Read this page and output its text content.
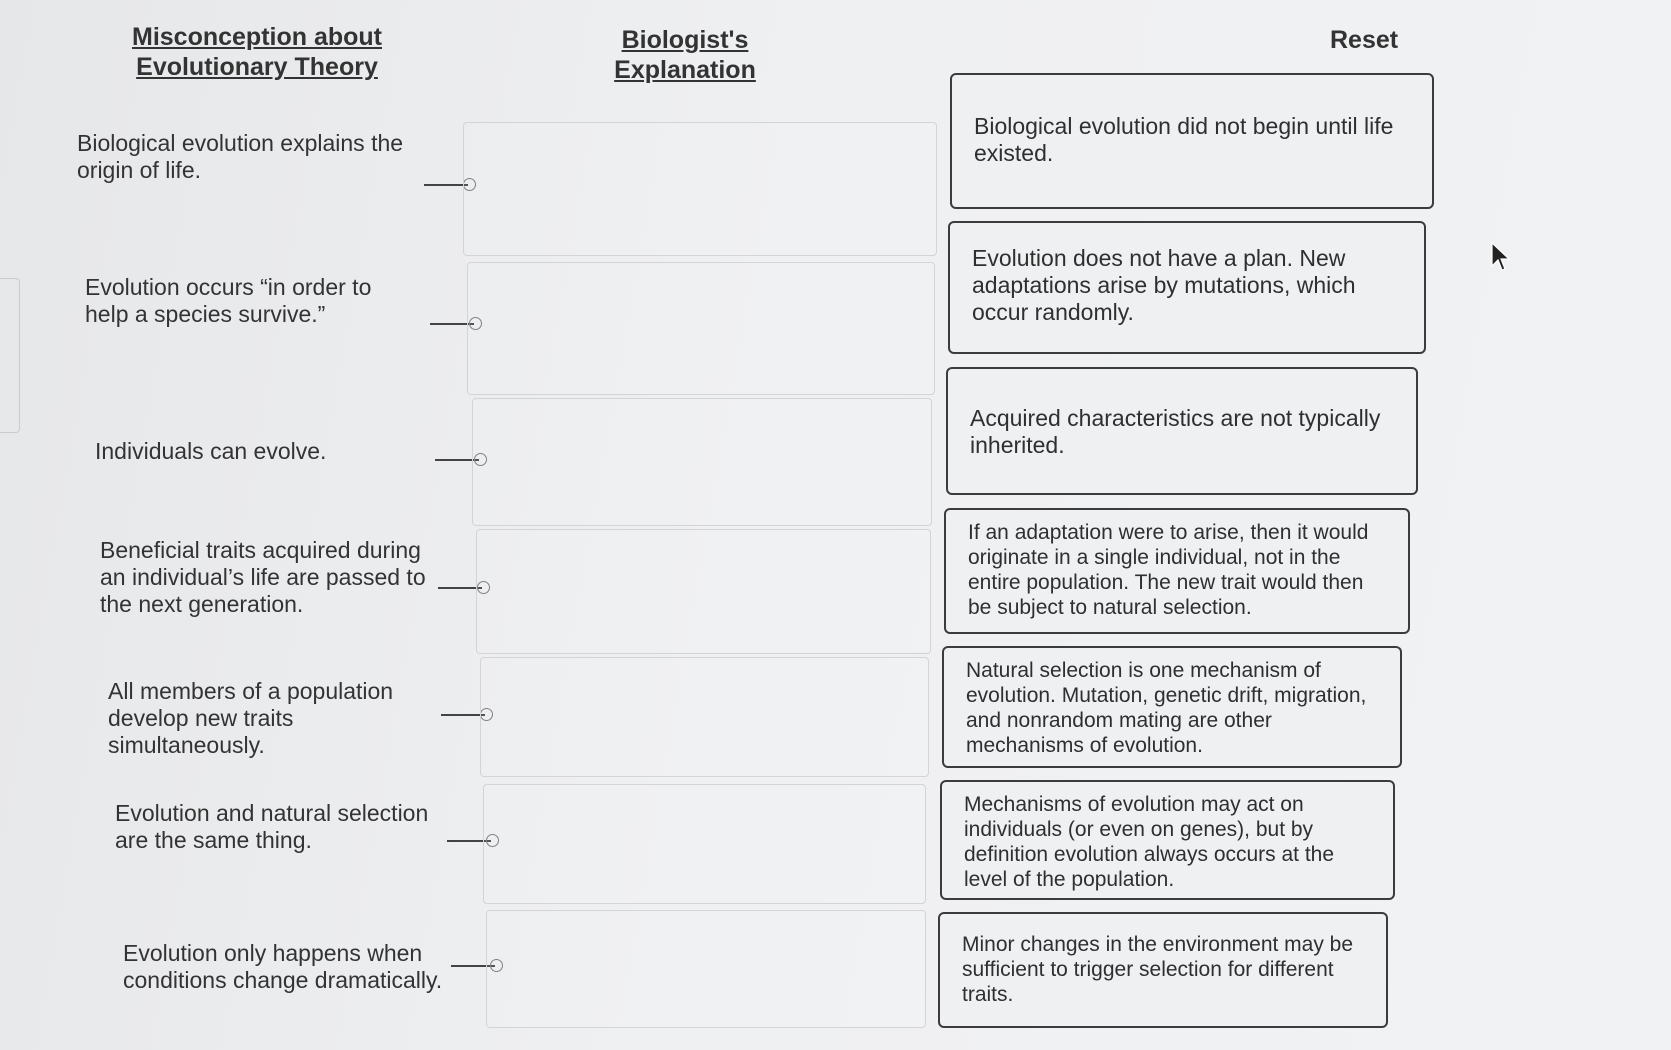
Misconception about Evolutionary Theory
Biologist's Explanation
Reset
Biological evolution explains the origin of life.
Evolution occurs “in order to help a species survive.”
Individuals can evolve.
Beneficial traits acquired during an individual’s life are passed to the next generation.
All members of a population develop new traits simultaneously.
Evolution and natural selection are the same thing.
Evolution only happens when conditions change dramatically.
Biological evolution did not begin until life existed.
Evolution does not have a plan. New adaptations arise by mutations, which occur randomly.
Acquired characteristics are not typically inherited.
If an adaptation were to arise, then it would originate in a single individual, not in the entire population. The new trait would then be subject to natural selection.
Natural selection is one mechanism of evolution. Mutation, genetic drift, migration, and nonrandom mating are other mechanisms of evolution.
Mechanisms of evolution may act on individuals (or even on genes), but by definition evolution always occurs at the level of the population.
Minor changes in the environment may be sufficient to trigger selection for different traits.
